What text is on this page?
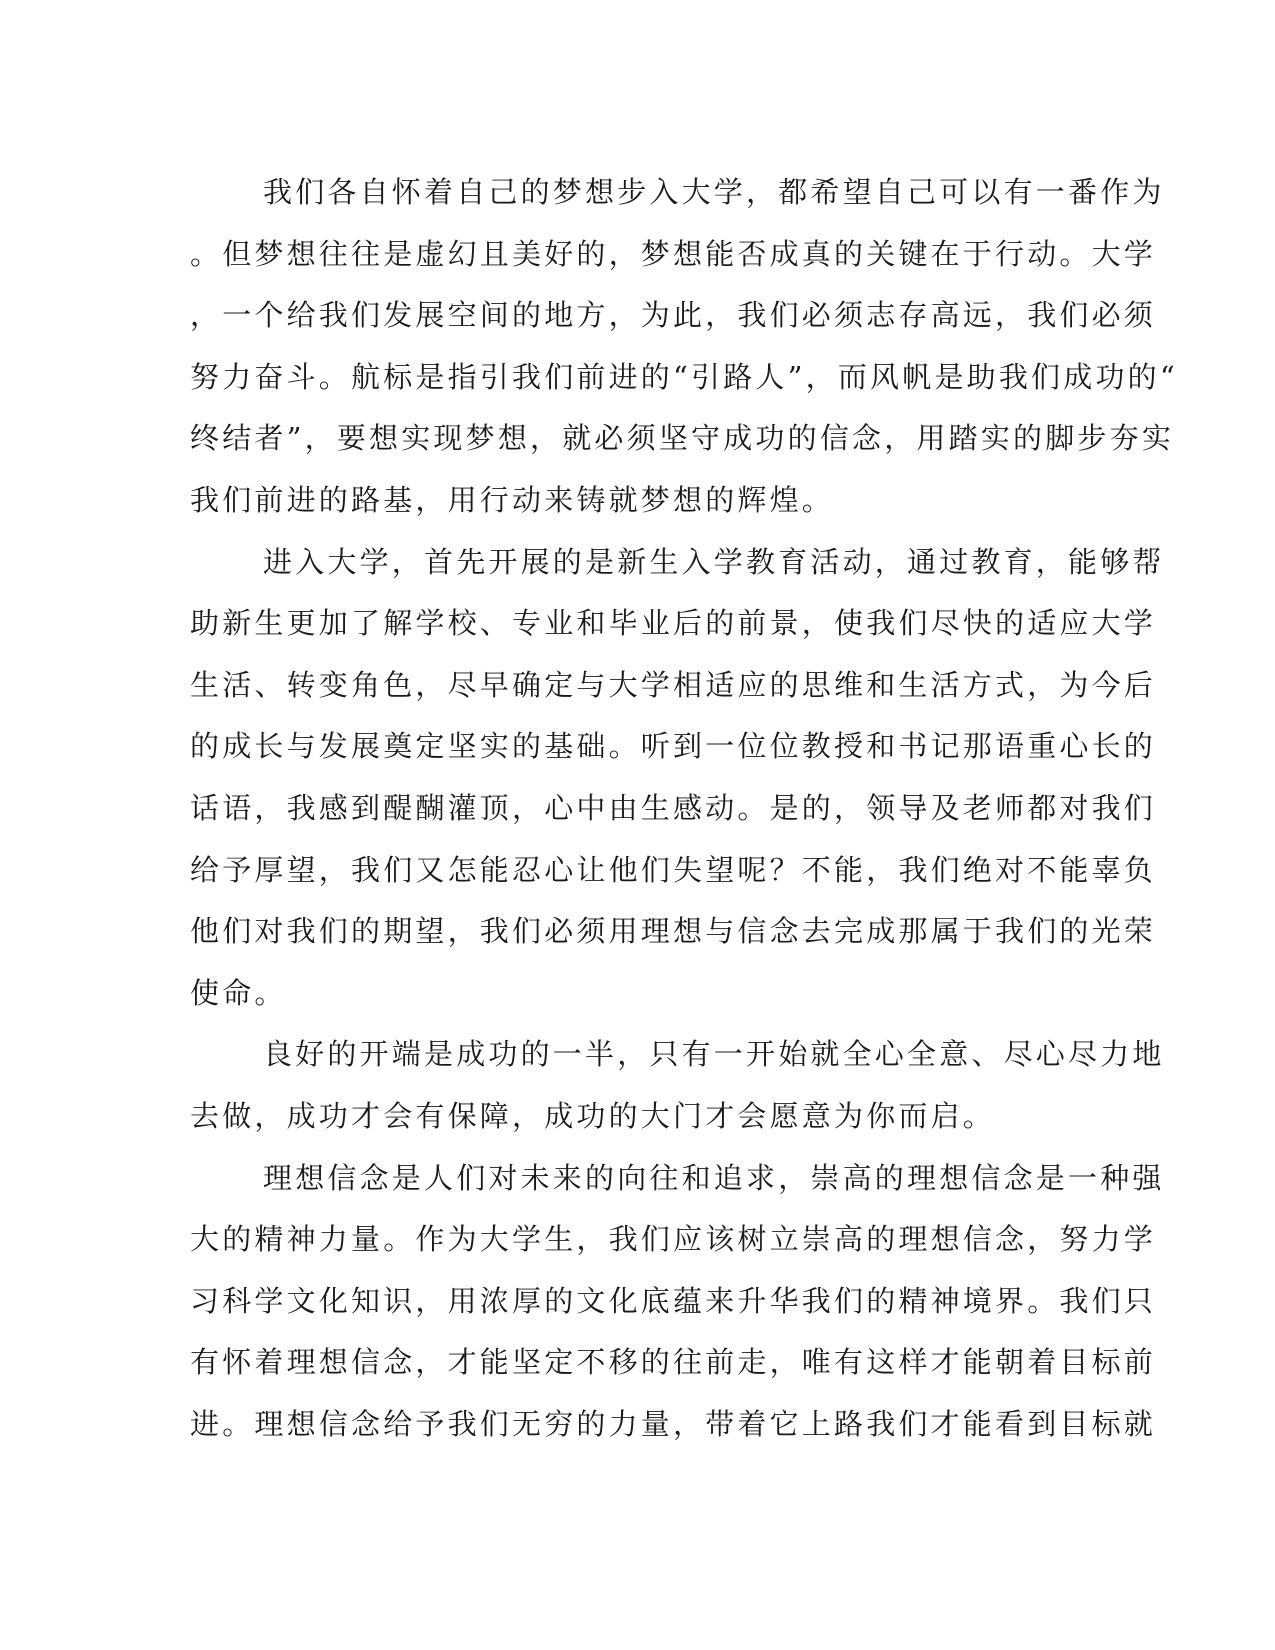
我们各自怀着自己的梦想步入大学，都希望自己可以有一番作为
。但梦想往往是虚幻且美好的，梦想能否成真的关键在于行动。大学
，一个给我们发展空间的地方，为此，我们必须志存高远，我们必须
努力奋斗。航标是指引我们前进的“引路人”，而风帆是助我们成功的“
终结者”，要想实现梦想，就必须坚守成功的信念，用踏实的脚步夯实
我们前进的路基，用行动来铸就梦想的辉煌。
进入大学，首先开展的是新生入学教育活动，通过教育，能够帮
助新生更加了解学校、专业和毕业后的前景，使我们尽快的适应大学
生活、转变角色，尽早确定与大学相适应的思维和生活方式，为今后
的成长与发展奠定坚实的基础。听到一位位教授和书记那语重心长的
话语，我感到醍醐灌顶，心中由生感动。是的，领导及老师都对我们
给予厚望，我们又怎能忍心让他们失望呢？不能，我们绝对不能辜负
他们对我们的期望，我们必须用理想与信念去完成那属于我们的光荣
使命。
良好的开端是成功的一半，只有一开始就全心全意、尽心尽力地
去做，成功才会有保障，成功的大门才会愿意为你而启。
理想信念是人们对未来的向往和追求，崇高的理想信念是一种强
大的精神力量。作为大学生，我们应该树立崇高的理想信念，努力学
习科学文化知识，用浓厚的文化底蕴来升华我们的精神境界。我们只
有怀着理想信念，才能坚定不移的往前走，唯有这样才能朝着目标前
进。理想信念给予我们无穷的力量，带着它上路我们才能看到目标就
